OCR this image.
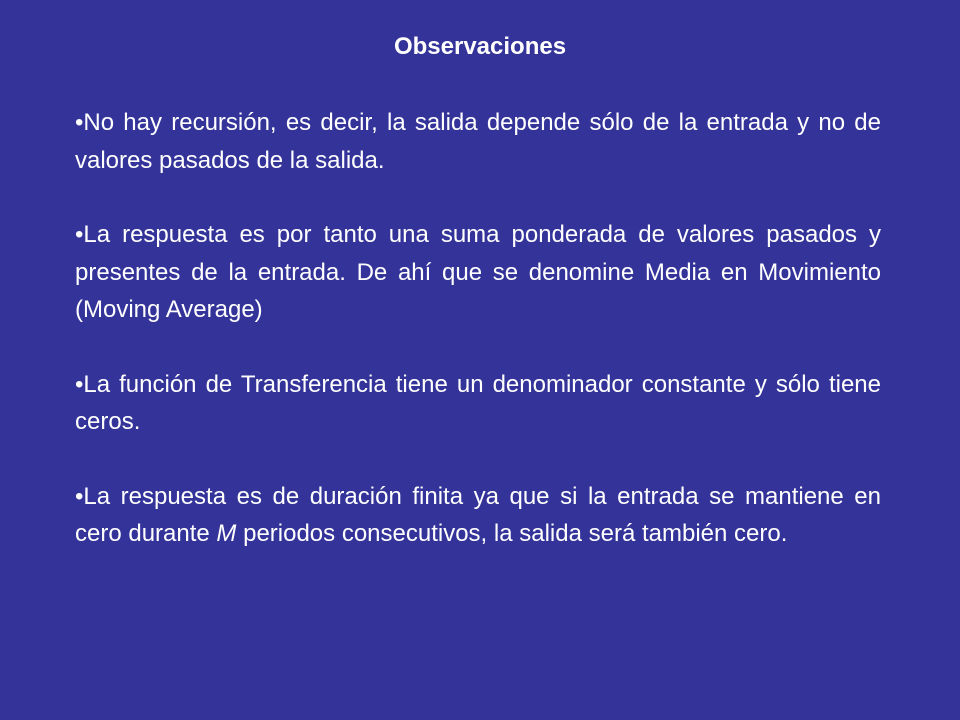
Observaciones
•No hay recursión, es decir, la salida depende sólo de la entrada y no de valores pasados de la salida.
•La respuesta es por tanto una suma ponderada de valores pasados y presentes de la entrada. De ahí que se denomine Media en Movimiento (Moving Average)
•La función de Transferencia tiene un denominador constante y sólo tiene ceros.
•La respuesta es de duración finita ya que si la entrada se mantiene en cero durante M periodos consecutivos, la salida será también cero.
